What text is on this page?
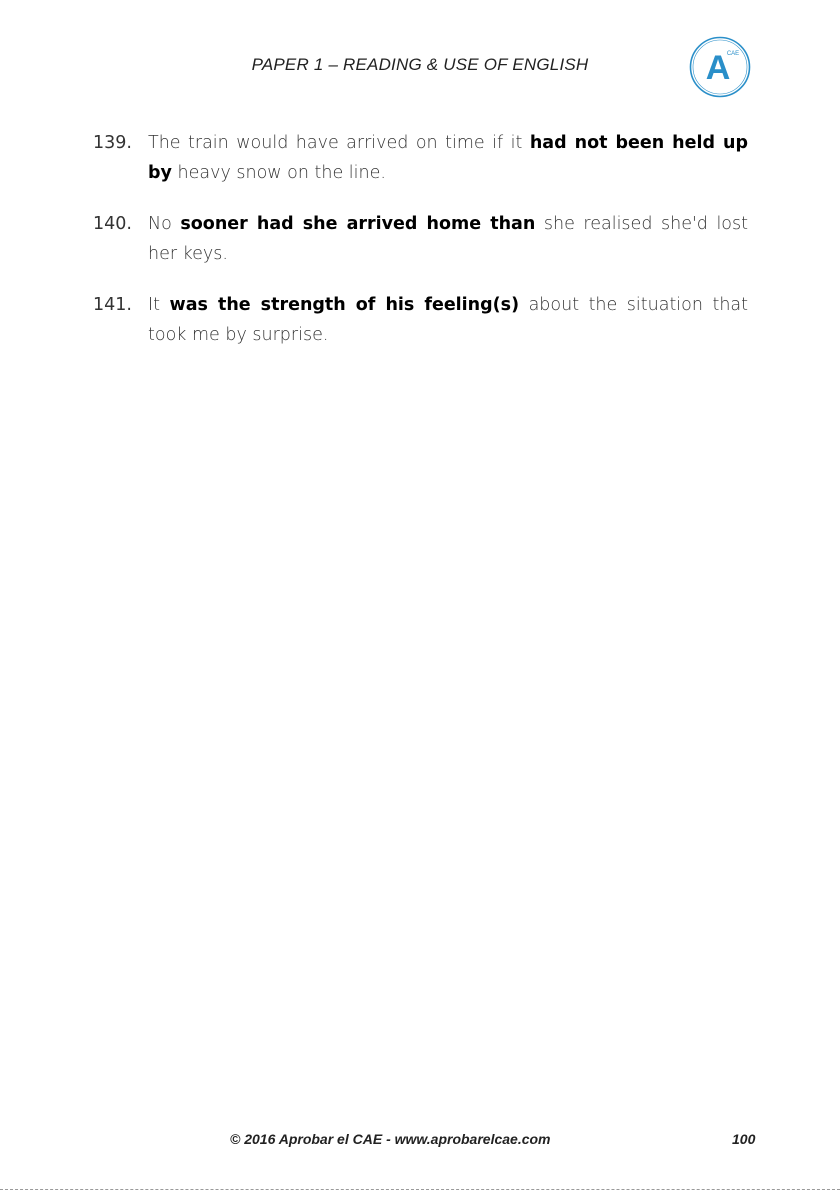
PAPER 1 – READING & USE OF ENGLISH	A
CAE
139. The train would have arrived on time if it had not been held up by heavy snow on the line.
140. No sooner had she arrived home than she realised she'd lost her keys.
141. It was the strength of his feeling(s) about the situation that took me by surprise.
© 2016 Aprobar el CAE - www.aprobarelcae.com	100
